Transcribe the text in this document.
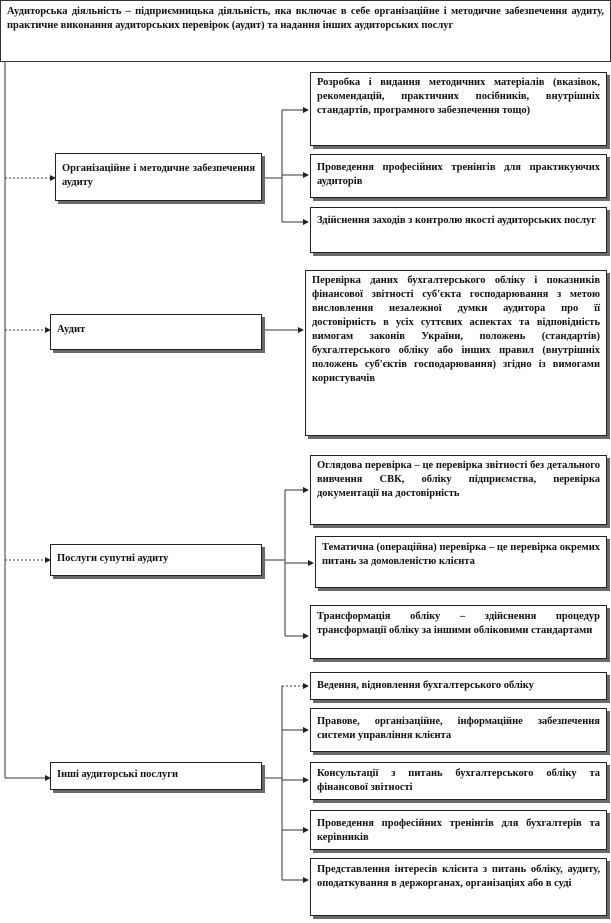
Аудиторська діяльність – підприємницька діяльність, яка включає в себе організаційне і методичне забезпечення аудиту, практичне виконання аудиторських перевірок (аудит) та надання інших аудиторських послуг
Організаційне і методичне забезпечення аудиту
Розробка і видання методичних матеріалів (вказівок, рекомендацій, практичних посібників, внутрішніх стандартів, програмного забезпечення тощо)
Проведення професійних тренінгів для практикуючих аудиторів
Здійснення заходів з контролю якості аудиторських послуг
Аудит
Перевірка даних бухгалтерського обліку і показників фінансової звітності суб'єкта господарювання з метою висловлення незалежної думки аудитора про її достовірність в усіх суттєвих аспектах та відповідність вимогам законів України, положень (стандартів) бухгалтерського обліку або інших правил (внутрішніх положень суб'єктів господарювання) згідно із вимогами користувачів
Послуги супутні аудиту
Оглядова перевірка – це перевірка звітності без детального вивчення СВК, обліку підприємства, перевірка документації на достовірність
Тематична (операційна) перевірка – це перевірка окремих питань за домовленістю клієнта
Трансформація обліку – здійснення процедур трансформації обліку за іншими обліковими стандартами
Інші аудиторські послуги
Ведення, відновлення бухгалтерського обліку
Правове, організаційне, інформаційне забезпечення системи управління клієнта
Консультації з питань бухгалтерського обліку та фінансової звітності
Проведення професійних тренінгів для бухгалтерів та керівників
Представлення інтересів клієнта з питань обліку, аудиту, оподаткування в держорганах, організаціях або в суді
